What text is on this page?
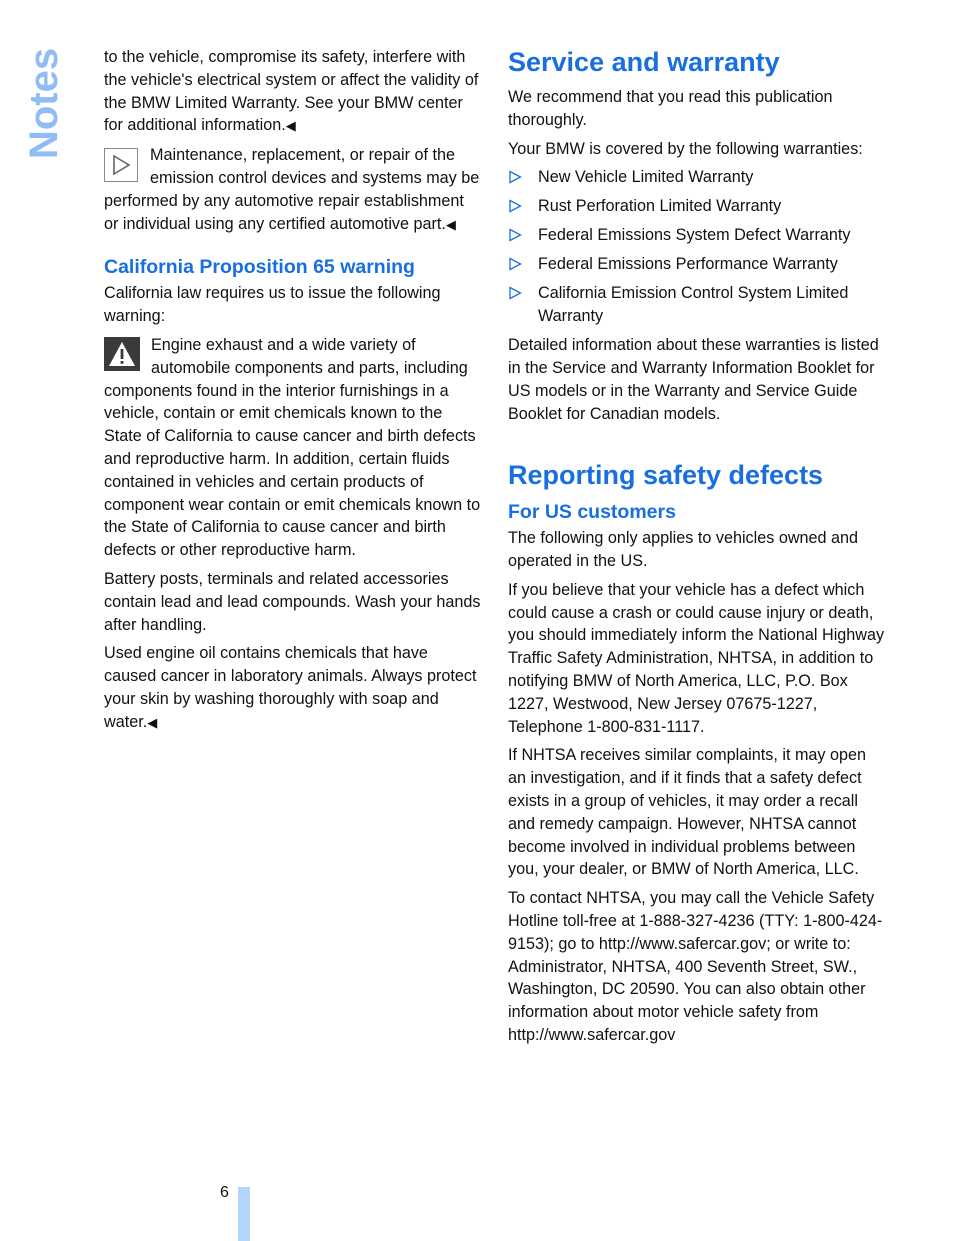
Notes to the vehicle, compromise its safety, interfere with the vehicle's electrical system or affect the validity of the BMW Limited Warranty. See your BMW center for additional information.◀

Maintenance, replacement, or repair of the emission control devices and systems may be performed by any automotive repair establishment or individual using any certified automotive part.◀
California Proposition 65 warning

California law requires us to issue the following warning:

Engine exhaust and a wide variety of automobile components and parts, including components found in the interior furnishings in a vehicle, contain or emit chemicals known to the State of California to cause cancer and birth defects and reproductive harm. In addition, certain fluids contained in vehicles and certain products of component wear contain or emit chemicals known to the State of California to cause cancer and birth defects or other reproductive harm.

Battery posts, terminals and related accessories contain lead and lead compounds. Wash your hands after handling.

Used engine oil contains chemicals that have caused cancer in laboratory animals. Always protect your skin by washing thoroughly with soap and water.◀

Service and warranty

We recommend that you read this publication thoroughly.

Your BMW is covered by the following warranties:

New Vehicle Limited Warranty
Rust Perforation Limited Warranty
Federal Emissions System Defect Warranty
Federal Emissions Performance Warranty
California Emission Control System Limited Warranty

Detailed information about these warranties is listed in the Service and Warranty Information Booklet for US models or in the Warranty and Service Guide Booklet for Canadian models.

Reporting safety defects
For US customers

The following only applies to vehicles owned and operated in the US.

If you believe that your vehicle has a defect which could cause a crash or could cause injury or death, you should immediately inform the National Highway Traffic Safety Administration, NHTSA, in addition to notifying BMW of North America, LLC, P.O. Box 1227, Westwood, New Jersey 07675-1227, Telephone 1-800-831-1117.

If NHTSA receives similar complaints, it may open an investigation, and if it finds that a safety defect exists in a group of vehicles, it may order a recall and remedy campaign. However, NHTSA cannot become involved in individual problems between you, your dealer, or BMW of North America, LLC.

To contact NHTSA, you may call the Vehicle Safety Hotline toll-free at 1-888-327-4236 (TTY: 1-800-424-9153); go to http://www.safercar.gov; or write to: Administrator, NHTSA, 400 Seventh Street, SW., Washington, DC 20590. You can also obtain other information about motor vehicle safety from http://www.safercar.gov

6
